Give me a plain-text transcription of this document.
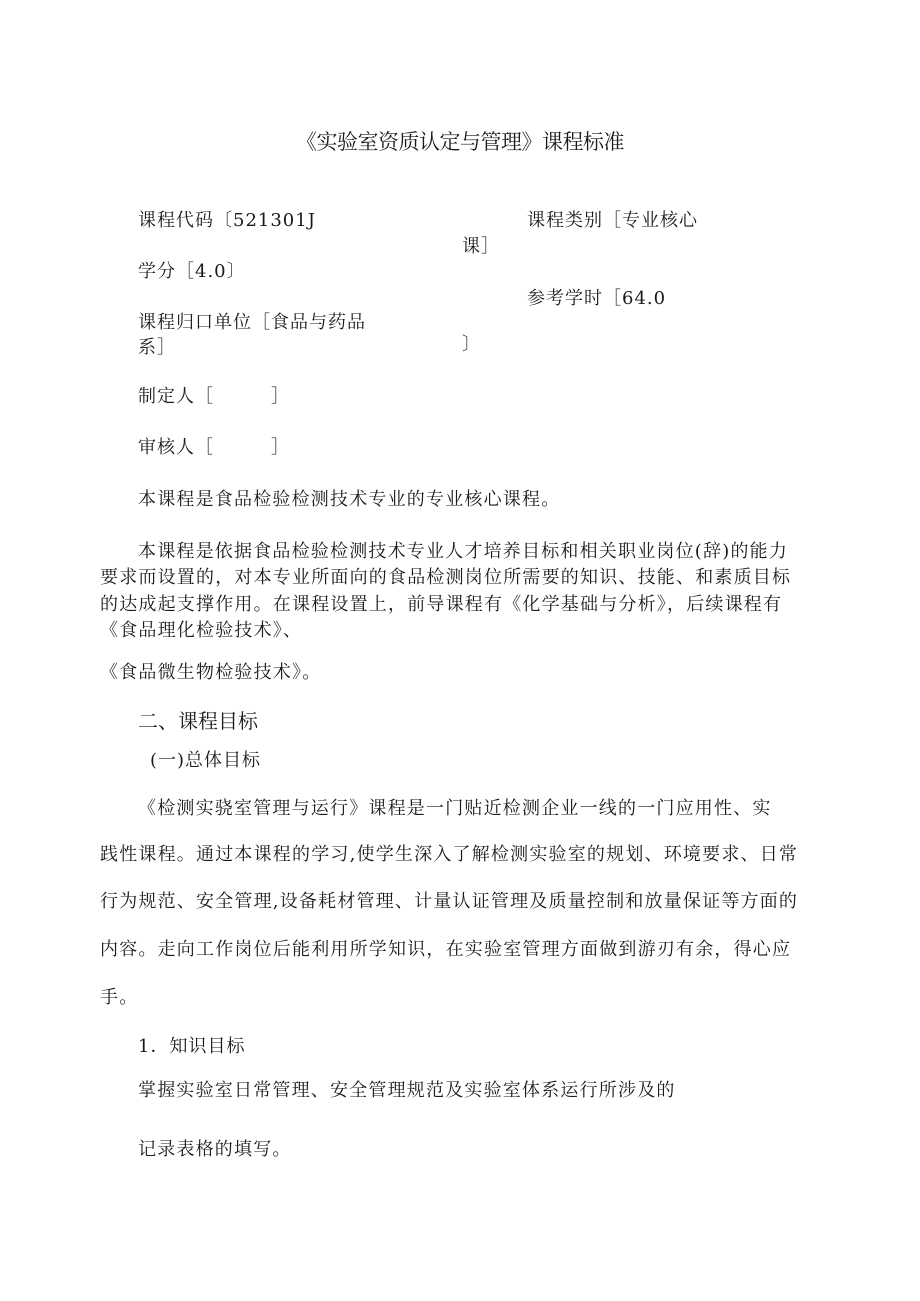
《实验室资质认定与管理》课程标准
课程代码〔521301J	课程类别［专业核心
课］
学分［4.0〕
参考学时［64.0
课程归口单位［食品与药品
系］	〕
制定人［　　　］
审核人［　　　］
本课程是食品检验检测技术专业的专业核心课程。
本课程是依据食品检验检测技术专业人才培养目标和相关职业岗位(辞)的能力
要求而设置的，对本专业所面向的食品检测岗位所需要的知识、技能、和素质目标
的达成起支撑作用。在课程设置上，前导课程有《化学基础与分析》，后续课程有
《食品理化检验技术》、
《食品微生物检验技术》。
二、课程目标
(一)总体目标
《检测实骁室管理与运行》课程是一门贴近检测企业一线的一门应用性、实
践性课程。通过本课程的学习,使学生深入了解检测实验室的规划、环境要求、日常
行为规范、安全管理,设备耗材管理、计量认证管理及质量控制和放量保证等方面的
内容。走向工作岗位后能利用所学知识，在实验室管理方面做到游刃有余，得心应
手。
1．知识目标
掌握实验室日常管理、安全管理规范及实验室体系运行所涉及的
记录表格的填写。
